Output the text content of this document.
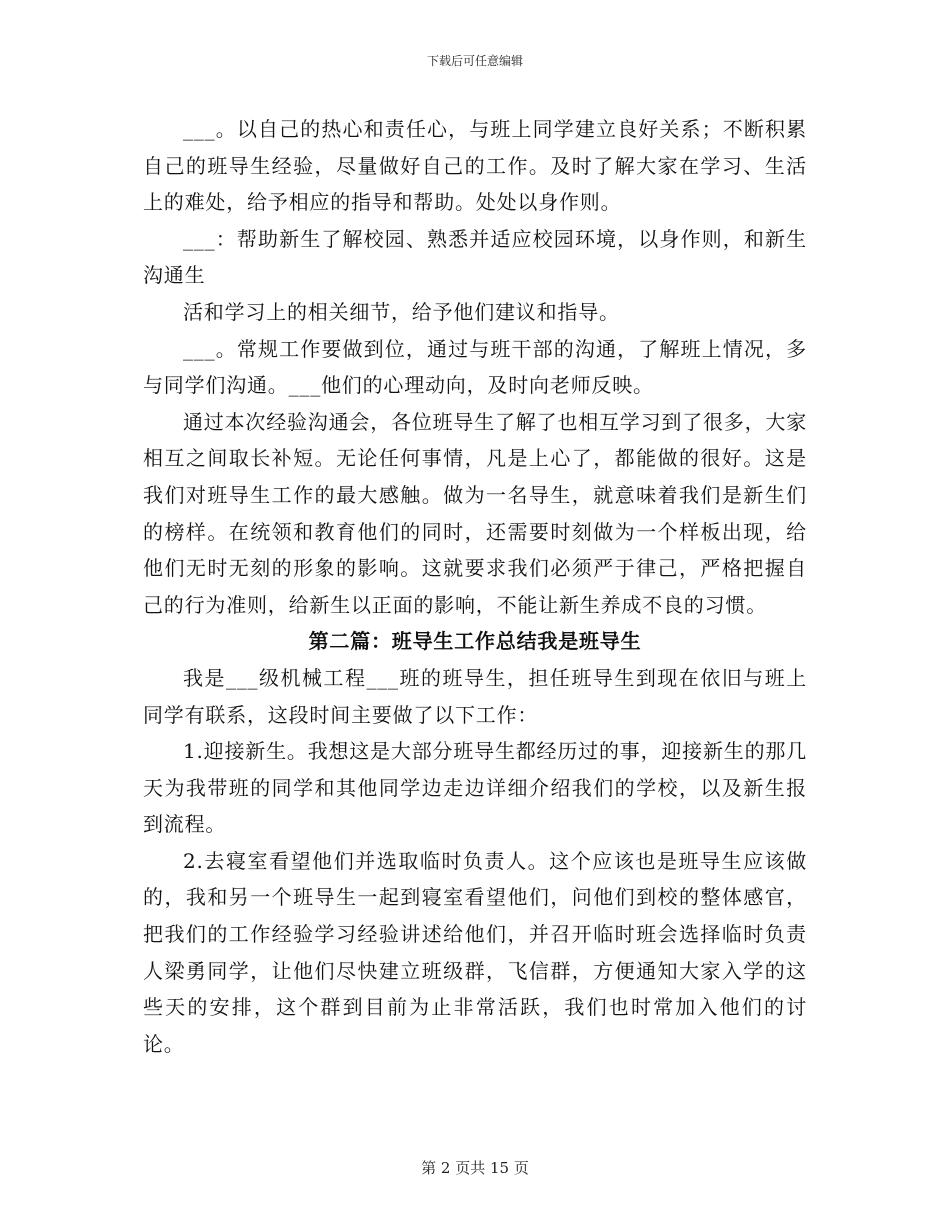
下载后可任意编辑

___。以自己的热心和责任心，与班上同学建立良好关系；不断积累自己的班导生经验，尽量做好自己的工作。及时了解大家在学习、生活上的难处，给予相应的指导和帮助。处处以身作则。

___：帮助新生了解校园、熟悉并适应校园环境，以身作则，和新生沟通生

活和学习上的相关细节，给予他们建议和指导。

___。常规工作要做到位，通过与班干部的沟通，了解班上情况，多与同学们沟通。___他们的心理动向，及时向老师反映。

通过本次经验沟通会，各位班导生了解了也相互学习到了很多，大家相互之间取长补短。无论任何事情，凡是上心了，都能做的很好。这是我们对班导生工作的最大感触。做为一名导生，就意味着我们是新生们的榜样。在统领和教育他们的同时，还需要时刻做为一个样板出现，给他们无时无刻的形象的影响。这就要求我们必须严于律己，严格把握自己的行为准则，给新生以正面的影响，不能让新生养成不良的习惯。

第二篇：班导生工作总结我是班导生

我是___级机械工程___班的班导生，担任班导生到现在依旧与班上同学有联系，这段时间主要做了以下工作：

1.迎接新生。我想这是大部分班导生都经历过的事，迎接新生的那几天为我带班的同学和其他同学边走边详细介绍我们的学校，以及新生报到流程。

2.去寝室看望他们并选取临时负责人。这个应该也是班导生应该做的，我和另一个班导生一起到寝室看望他们，问他们到校的整体感官，把我们的工作经验学习经验讲述给他们，并召开临时班会选择临时负责人梁勇同学，让他们尽快建立班级群，飞信群，方便通知大家入学的这些天的安排，这个群到目前为止非常活跃，我们也时常加入他们的讨论。

第 2 页共 15 页
